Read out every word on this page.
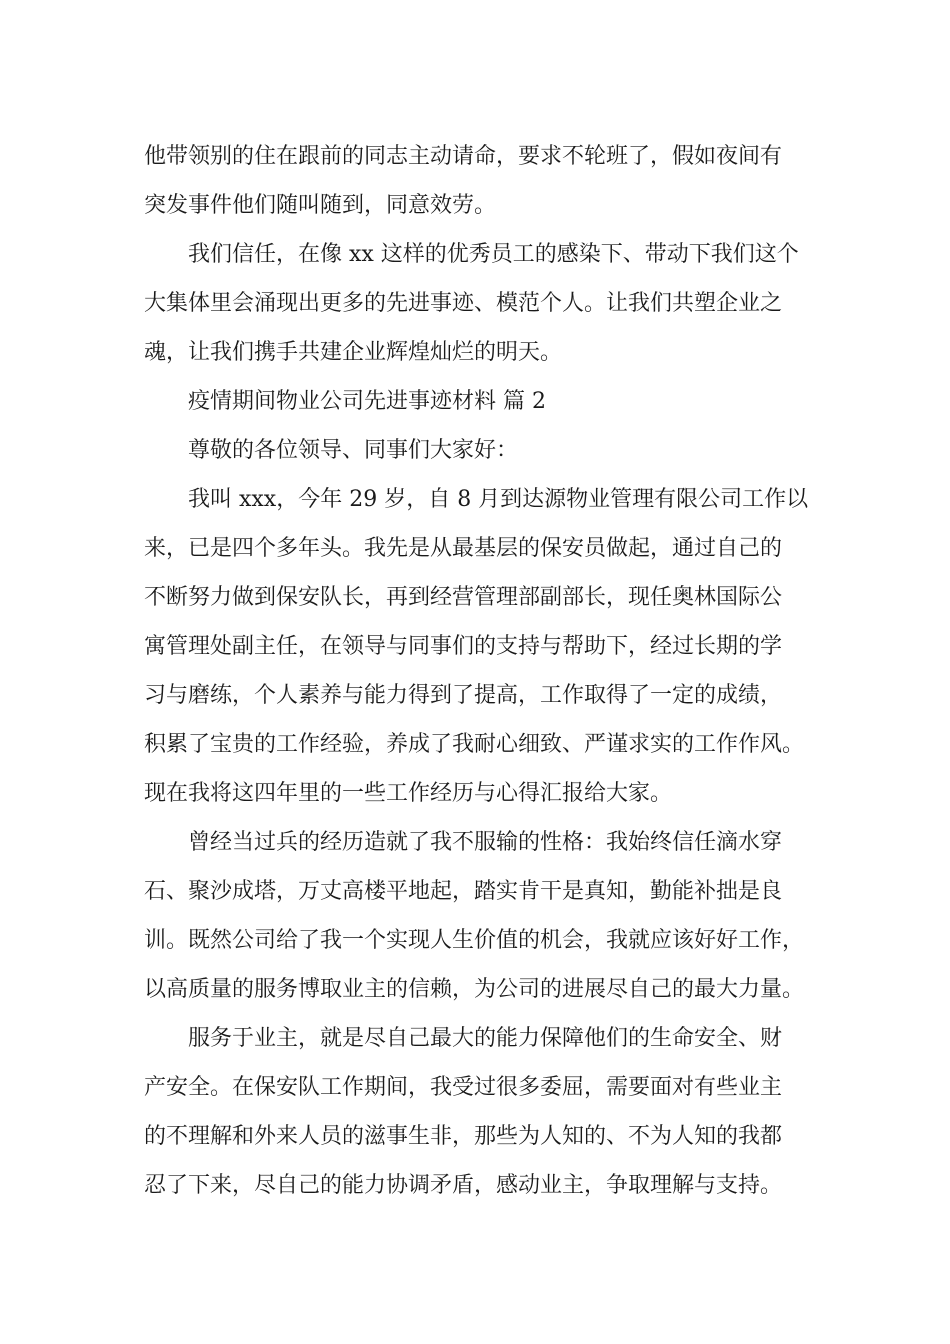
他带领别的住在跟前的同志主动请命，要求不轮班了，假如夜间有
突发事件他们随叫随到，同意效劳。
我们信任，在像 xx 这样的优秀员工的感染下、带动下我们这个
大集体里会涌现出更多的先进事迹、模范个人。让我们共塑企业之
魂，让我们携手共建企业辉煌灿烂的明天。
疫情期间物业公司先进事迹材料 篇 2
尊敬的各位领导、同事们大家好：
我叫 xxx，今年 29 岁，自 8 月到达源物业管理有限公司工作以
来，已是四个多年头。我先是从最基层的保安员做起，通过自己的
不断努力做到保安队长，再到经营管理部副部长，现任奥林国际公
寓管理处副主任，在领导与同事们的支持与帮助下，经过长期的学
习与磨练，个人素养与能力得到了提高，工作取得了一定的成绩，
积累了宝贵的工作经验，养成了我耐心细致、严谨求实的工作作风。
现在我将这四年里的一些工作经历与心得汇报给大家。
曾经当过兵的经历造就了我不服输的性格：我始终信任滴水穿
石、聚沙成塔，万丈高楼平地起，踏实肯干是真知，勤能补拙是良
训。既然公司给了我一个实现人生价值的机会，我就应该好好工作，
以高质量的服务博取业主的信赖，为公司的进展尽自己的最大力量。
服务于业主，就是尽自己最大的能力保障他们的生命安全、财
产安全。在保安队工作期间，我受过很多委屈，需要面对有些业主
的不理解和外来人员的滋事生非，那些为人知的、不为人知的我都
忍了下来，尽自己的能力协调矛盾，感动业主，争取理解与支持。
